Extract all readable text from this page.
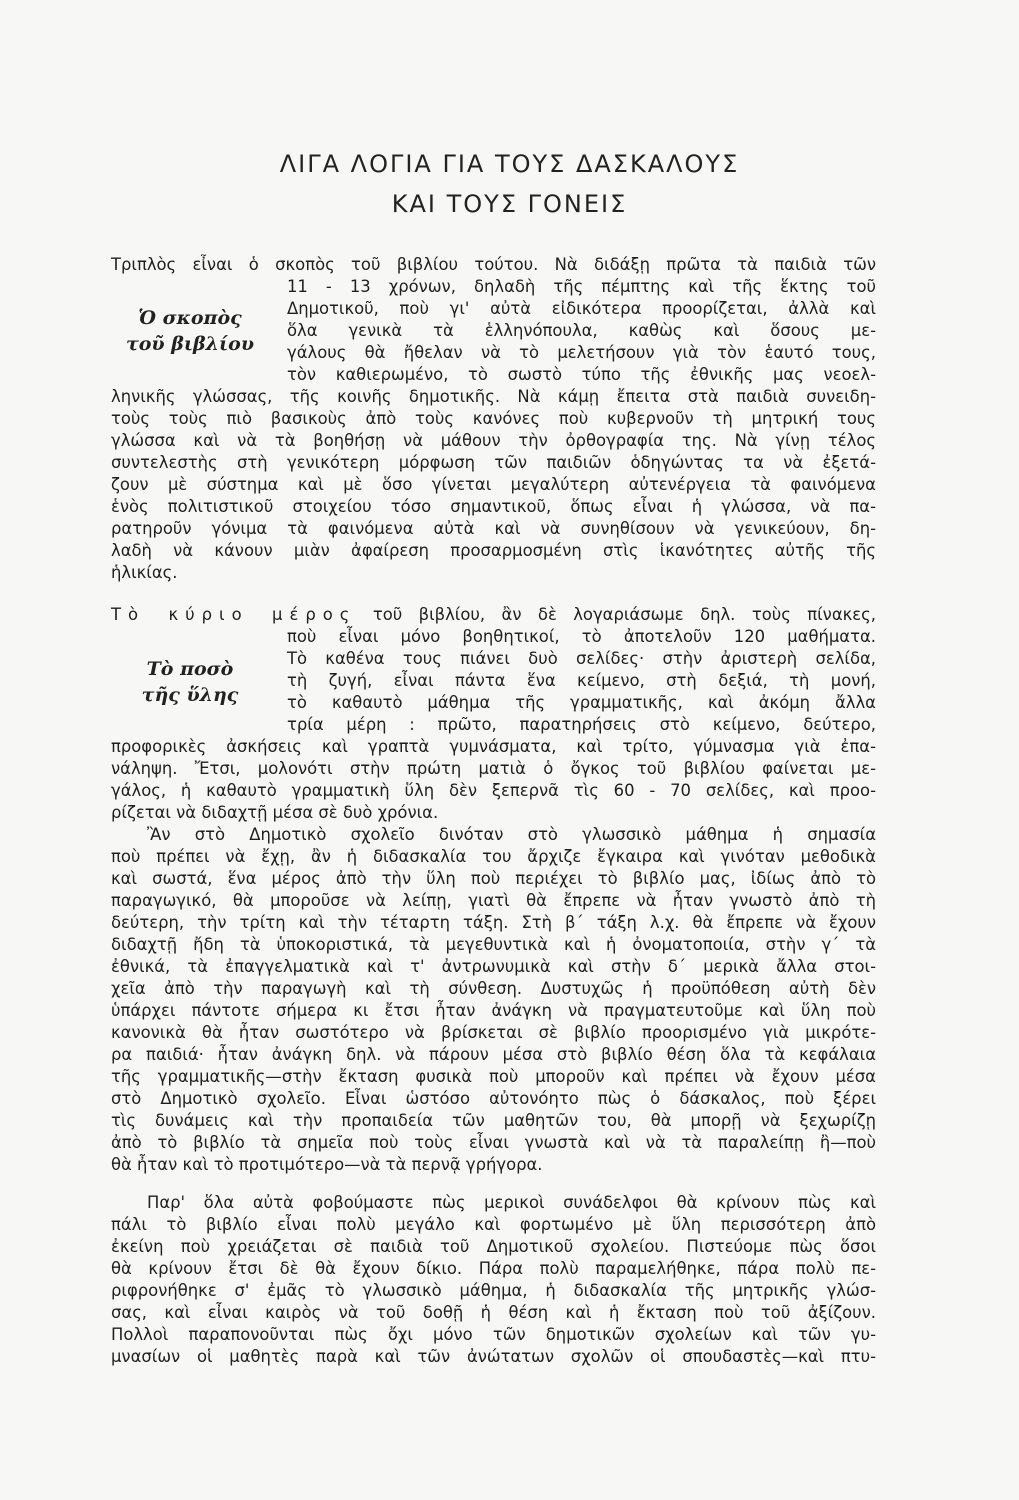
ΛΙΓΑ ΛΟΓΙΑ ΓΙΑ ΤΟΥΣ ΔΑΣΚΑΛΟΥΣ
ΚΑΙ ΤΟΥΣ ΓΟΝΕΙΣ
Τριπλὸς εἶναι ὁ σκοπὸς τοῦ βιβλίου τούτου. Νὰ διδάξῃ πρῶτα τὰ παιδιὰ τῶν
11 - 13 χρόνων, δηλαδὴ τῆς πέμπτης καὶ τῆς ἕκτης τοῦ
Δημοτικοῦ, ποὺ γι' αὐτὰ εἰδικότερα προορίζεται, ἀλλὰ καὶ
ὅλα γενικὰ τὰ ἑλληνόπουλα, καθὼς καὶ ὅσους με-
γάλους θὰ ἤθελαν νὰ τὸ μελετήσουν γιὰ τὸν ἑαυτό τους,
τὸν καθιερωμένο, τὸ σωστὸ τύπο τῆς ἐθνικῆς μας νεοελ-
Ὁ σκοπὸς
τοῦ βιβλίου
ληνικῆς γλώσσας, τῆς κοινῆς δημοτικῆς. Νὰ κάμῃ ἔπειτα στὰ παιδιὰ συνειδη-
τοὺς τοὺς πιὸ βασικοὺς ἀπὸ τοὺς κανόνες ποὺ κυβερνοῦν τὴ μητρική τους
γλώσσα καὶ νὰ τὰ βοηθήσῃ νὰ μάθουν τὴν ὀρθογραφία της. Νὰ γίνῃ τέλος
συντελεστὴς στὴ γενικότερη μόρφωση τῶν παιδιῶν ὁδηγώντας τα νὰ ἐξετά-
ζουν μὲ σύστημα καὶ μὲ ὅσο γίνεται μεγαλύτερη αὐτενέργεια τὰ φαινόμενα
ἑνὸς πολιτιστικοῦ στοιχείου τόσο σημαντικοῦ, ὅπως εἶναι ἡ γλώσσα, νὰ πα-
ρατηροῦν γόνιμα τὰ φαινόμενα αὐτὰ καὶ νὰ συνηθίσουν νὰ γενικεύουν, δη-
λαδὴ νὰ κάνουν μιὰν ἀφαίρεση προσαρμοσμένη στὶς ἱκανότητες αὐτῆς τῆς
ἡλικίας.
Τὸ κύριο μέρος τοῦ βιβλίου, ἂν δὲ λογαριάσωμε δηλ. τοὺς πίνακες,
ποὺ εἶναι μόνο βοηθητικοί, τὸ ἀποτελοῦν 120 μαθήματα.
Τὸ καθένα τους πιάνει δυὸ σελίδες· στὴν ἀριστερὴ σελίδα,
τὴ ζυγή, εἶναι πάντα ἕνα κείμενο, στὴ δεξιά, τὴ μονή,
τὸ καθαυτὸ μάθημα τῆς γραμματικῆς, καὶ ἀκόμη ἄλλα
τρία μέρη : πρῶτο, παρατηρήσεις στὸ κείμενο, δεύτερο,
Τὸ ποσὸ
τῆς ὕλης
προφορικὲς ἀσκήσεις καὶ γραπτὰ γυμνάσματα, καὶ τρίτο, γύμνασμα γιὰ ἐπα-
νάληψη. Ἔτσι, μολονότι στὴν πρώτη ματιὰ ὁ ὄγκος τοῦ βιβλίου φαίνεται με-
γάλος, ἡ καθαυτὸ γραμματικὴ ὕλη δὲν ξεπερνᾶ τὶς 60 - 70 σελίδες, καὶ προο-
ρίζεται νὰ διδαχτῇ μέσα σὲ δυὸ χρόνια.
Ἂν στὸ Δημοτικὸ σχολεῖο δινόταν στὸ γλωσσικὸ μάθημα ἡ σημασία
ποὺ πρέπει νὰ ἔχῃ, ἂν ἡ διδασκαλία του ἄρχιζε ἔγκαιρα καὶ γινόταν μεθοδικὰ
καὶ σωστά, ἕνα μέρος ἀπὸ τὴν ὕλη ποὺ περιέχει τὸ βιβλίο μας, ἰδίως ἀπὸ τὸ
παραγωγικό, θὰ μποροῦσε νὰ λείπῃ, γιατὶ θὰ ἔπρεπε νὰ ἦταν γνωστὸ ἀπὸ τὴ
δεύτερη, τὴν τρίτη καὶ τὴν τέταρτη τάξη. Στὴ β΄ τάξη λ.χ. θὰ ἔπρεπε νὰ ἔχουν
διδαχτῇ ἤδη τὰ ὑποκοριστικά, τὰ μεγεθυντικὰ καὶ ἡ ὀνοματοποιία, στὴν γ΄ τὰ
ἐθνικά, τὰ ἐπαγγελματικὰ καὶ τ' ἀντρωνυμικὰ καὶ στὴν δ΄ μερικὰ ἄλλα στοι-
χεῖα ἀπὸ τὴν παραγωγὴ καὶ τὴ σύνθεση. Δυστυχῶς ἡ προϋπόθεση αὐτὴ δὲν
ὑπάρχει πάντοτε σήμερα κι ἔτσι ἦταν ἀνάγκη νὰ πραγματευτοῦμε καὶ ὕλη ποὺ
κανονικὰ θὰ ἦταν σωστότερο νὰ βρίσκεται σὲ βιβλίο προορισμένο γιὰ μικρότε-
ρα παιδιά· ἦταν ἀνάγκη δηλ. νὰ πάρουν μέσα στὸ βιβλίο θέση ὅλα τὰ κεφάλαια
τῆς γραμματικῆς—στὴν ἔκταση φυσικὰ ποὺ μποροῦν καὶ πρέπει νὰ ἔχουν μέσα
στὸ Δημοτικὸ σχολεῖο. Εἶναι ὡστόσο αὐτονόητο πὼς ὁ δάσκαλος, ποὺ ξέρει
τὶς δυνάμεις καὶ τὴν προπαιδεία τῶν μαθητῶν του, θὰ μπορῇ νὰ ξεχωρίζῃ
ἀπὸ τὸ βιβλίο τὰ σημεῖα ποὺ τοὺς εἶναι γνωστὰ καὶ νὰ τὰ παραλείπῃ ἢ—ποὺ
θὰ ἦταν καὶ τὸ προτιμότερο—νὰ τὰ περνᾷ γρήγορα.
Παρ' ὅλα αὐτὰ φοβούμαστε πὼς μερικοὶ συνάδελφοι θὰ κρίνουν πὼς καὶ
πάλι τὸ βιβλίο εἶναι πολὺ μεγάλο καὶ φορτωμένο μὲ ὕλη περισσότερη ἀπὸ
ἐκείνη ποὺ χρειάζεται σὲ παιδιὰ τοῦ Δημοτικοῦ σχολείου. Πιστεύομε πὼς ὅσοι
θὰ κρίνουν ἔτσι δὲ θὰ ἔχουν δίκιο. Πάρα πολὺ παραμελήθηκε, πάρα πολὺ πε-
ριφρονήθηκε σ' ἐμᾶς τὸ γλωσσικὸ μάθημα, ἡ διδασκαλία τῆς μητρικῆς γλώσ-
σας, καὶ εἶναι καιρὸς νὰ τοῦ δοθῇ ἡ θέση καὶ ἡ ἔκταση ποὺ τοῦ ἀξίζουν.
Πολλοὶ παραπονοῦνται πὼς ὄχι μόνο τῶν δημοτικῶν σχολείων καὶ τῶν γυ-
μνασίων οἱ μαθητὲς παρὰ καὶ τῶν ἀνώτατων σχολῶν οἱ σπουδαστὲς—καὶ πτυ-
